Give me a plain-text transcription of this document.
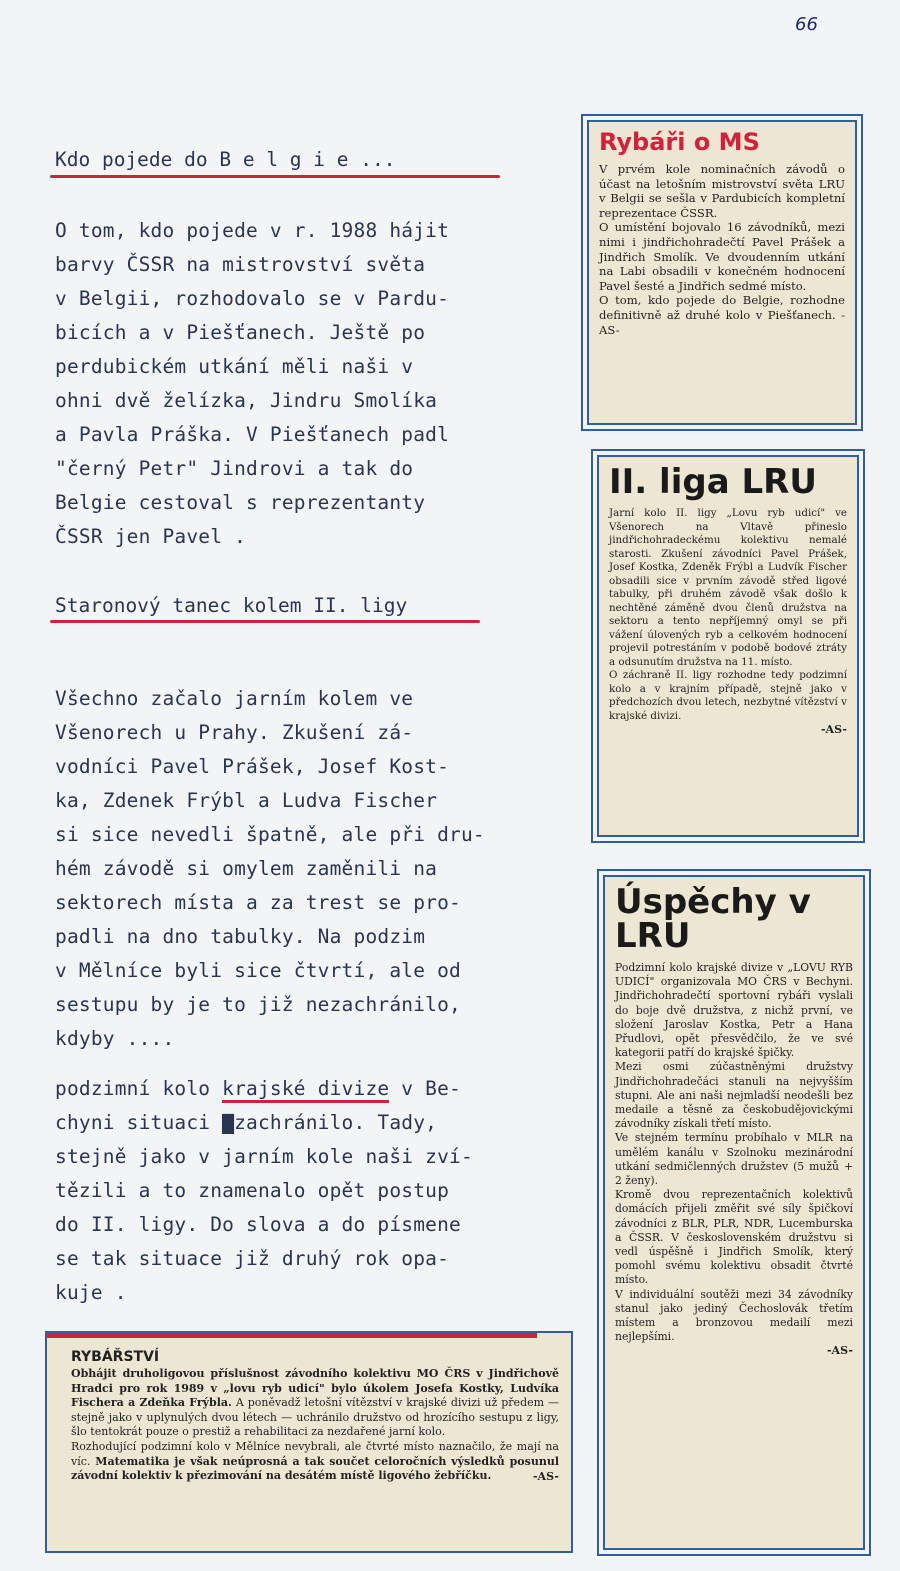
66
Kdo pojede do B e l g i e ...

O tom, kdo pojede v r. 1988 hájit
barvy ČSSR na mistrovství světa
v Belgii, rozhodovalo se v Pardu-
bicích a v Piešťanech. Ještě po
perdubickém utkání měli naši v
ohni dvě želízka, Jindru Smolíka
a Pavla Práška. V Piešťanech padl
"černý Petr" Jindrovi a tak do
Belgie cestoval s reprezentanty
ČSSR jen Pavel .

Staronový tanec kolem II. ligy

Všechno začalo jarním kolem ve
Všenorech u Prahy. Zkušení zá-
vodníci Pavel Prášek, Josef Kost-
ka, Zdenek Frýbl a Ludva Fischer
si sice nevedli špatně, ale při dru-
hém závodě si omylem zaměnili na
sektorech místa a za trest se pro-
padli na dno tabulky. Na podzim
v Mělníce byli sice čtvrtí, ale od
sestupu by je to již nezachránilo,
kdyby ....

podzimní kolo krajské divize v Be-

chyni situaci ▇zachránilo. Tady,
stejně jako v jarním kole naši zví-
tězili a to znamenalo opět postup
do II. ligy. Do slova a do písmene
se tak situace již druhý rok opa-
kuje .

Rybáři o MS

V prvém kole nominačních závodů o účast na letošním mistrovství světa LRU v Belgii se sešla v Pardubicích kompletní reprezentace ČSSR.
O umístění bojovalo 16 závodníků, mezi nimi i jindřichohradečtí Pavel Prášek a Jindřich Smolík. Ve dvoudenním utkání na Labi obsadili v konečném hodnocení Pavel šesté a Jindřich sedmé místo.
O tom, kdo pojede do Belgie, rozhodne definitivně až druhé kolo v Piešťanech. -AS-

II. liga LRU

Jarní kolo II. ligy „Lovu ryb udicí" ve Všenorech na Vltavě přineslo jindřichohradeckému kolektivu nemalé starosti. Zkušení závodníci Pavel Prášek, Josef Kostka, Zdeněk Frýbl a Ludvík Fischer obsadili sice v prvním závodě střed ligové tabulky, při druhém závodě však došlo k nechtěné záměně dvou členů družstva na sektoru a tento nepříjemný omyl se při vážení úlovených ryb a celkovém hodnocení projevil potrestáním v podobě bodové ztráty a odsunutím družstva na 11. místo.
O záchraně II. ligy rozhodne tedy podzimní kolo a v krajním případě, stejně jako v předchozích dvou letech, nezbytné vítězství v krajské divizi.

-AS-
Úspěchy v LRU

Podzimní kolo krajské divize v „LOVU RYB UDICÍ" organizovala MO ČRS v Bechyni. Jindřichohradečtí sportovní rybáři vyslali do boje dvě družstva, z nichž první, ve složení Jaroslav Kostka, Petr a Hana Přudlovi, opět přesvědčilo, že ve své kategorii patří do krajské špičky.
Mezi osmi zúčastněnými družstvy Jindřichohradečáci stanuli na nejvyšším stupni. Ale ani naši nejmladší neodešli bez medaile a těsně za českobudějovickými závodníky získali třetí místo.
Ve stejném termínu probíhalo v MLR na umělém kanálu v Szolnoku mezinárodní utkání sedmičlenných družstev (5 mužů + 2 ženy).
Kromě dvou reprezentačních kolektivů domácích přijeli změřit své síly špičkoví závodníci z BLR, PLR, NDR, Lucemburska a ČSSR. V československém družstvu si vedl úspěšně i Jindřich Smolík, který pomohl svému kolektivu obsadit čtvrté místo.
V individuální soutěži mezi 34 závodníky stanul jako jediný Čechoslovák třetím místem a bronzovou medailí mezi nejlepšími.

-AS-
RYBÁŘSTVÍ

Obhájit druholigovou příslušnost závodního kolektivu MO ČRS v Jindřichově Hradci pro rok 1989 v „lovu ryb udicí" bylo úkolem Josefa Kostky, Ludvíka Fischera a Zdeňka Frýbla. A poněvadž letošní vítězství v krajské divizi už předem — stejně jako v uplynulých dvou létech — uchránilo družstvo od hrozícího sestupu z ligy, šlo tentokrát pouze o prestiž a rehabilitaci za nezdařené jarní kolo.
Rozhodující podzimní kolo v Mělníce nevybrali, ale čtvrté místo naznačilo, že mají na víc. Matematika je však neúprosná a tak součet celoročních výsledků posunul závodní kolektiv k přezimování na desátém místě ligového žebříčku.	-AS-
